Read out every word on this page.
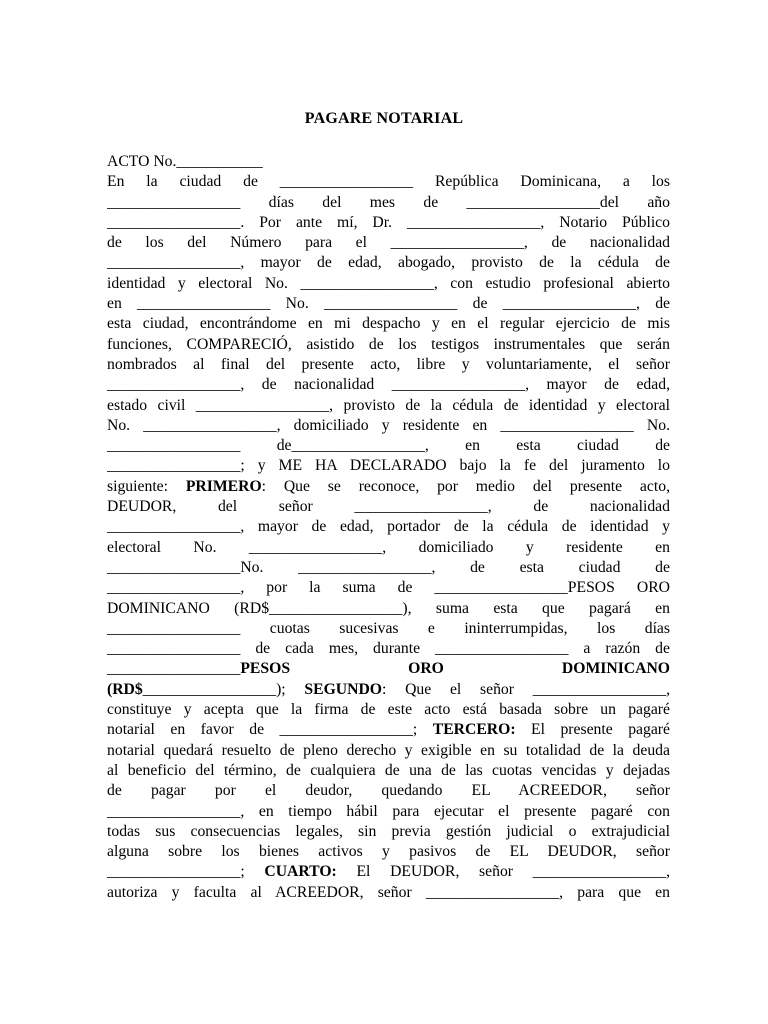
PAGARE NOTARIAL
ACTO No.___________
En la ciudad de _________________ República Dominicana, a los
_________________ días del mes de _________________del año
_________________. Por ante mí, Dr. _________________, Notario Público
de los del Número para el _________________, de nacionalidad
_________________, mayor de edad, abogado, provisto de la cédula de
identidad y electoral No. _________________, con estudio profesional abierto
en _________________ No. _________________ de _________________, de
esta ciudad, encontrándome en mi despacho y en el regular ejercicio de mis
funciones, COMPARECIÓ, asistido de los testigos instrumentales que serán
nombrados al final del presente acto, libre y voluntariamente, el señor
_________________, de nacionalidad _________________, mayor de edad,
estado civil _________________, provisto de la cédula de identidad y electoral
No. _________________, domiciliado y residente en _________________ No.
_________________ de_________________, en esta ciudad de
_________________; y ME HA DECLARADO bajo la fe del juramento lo
siguiente: PRIMERO: Que se reconoce, por medio del presente acto,
DEUDOR, del señor _________________, de nacionalidad
_________________, mayor de edad, portador de la cédula de identidad y
electoral No. _________________, domiciliado y residente en
_________________No. _________________, de esta ciudad de
_________________, por la suma de _________________PESOS ORO
DOMINICANO (RD$_________________), suma esta que pagará en
_________________ cuotas sucesivas e ininterrumpidas, los días
_________________ de cada mes, durante _________________ a razón de
_________________PESOS ORO DOMINICANO
(RD$_________________); SEGUNDO: Que el señor _________________,
constituye y acepta que la firma de este acto está basada sobre un pagaré
notarial en favor de _________________; TERCERO: El presente pagaré
notarial quedará resuelto de pleno derecho y exigible en su totalidad de la deuda
al beneficio del término, de cualquiera de una de las cuotas vencidas y dejadas
de pagar por el deudor, quedando EL ACREEDOR, señor
_________________, en tiempo hábil para ejecutar el presente pagaré con
todas sus consecuencias legales, sin previa gestión judicial o extrajudicial
alguna sobre los bienes activos y pasivos de EL DEUDOR, señor
_________________; CUARTO: El DEUDOR, señor _________________,
autoriza y faculta al ACREEDOR, señor _________________, para que en
